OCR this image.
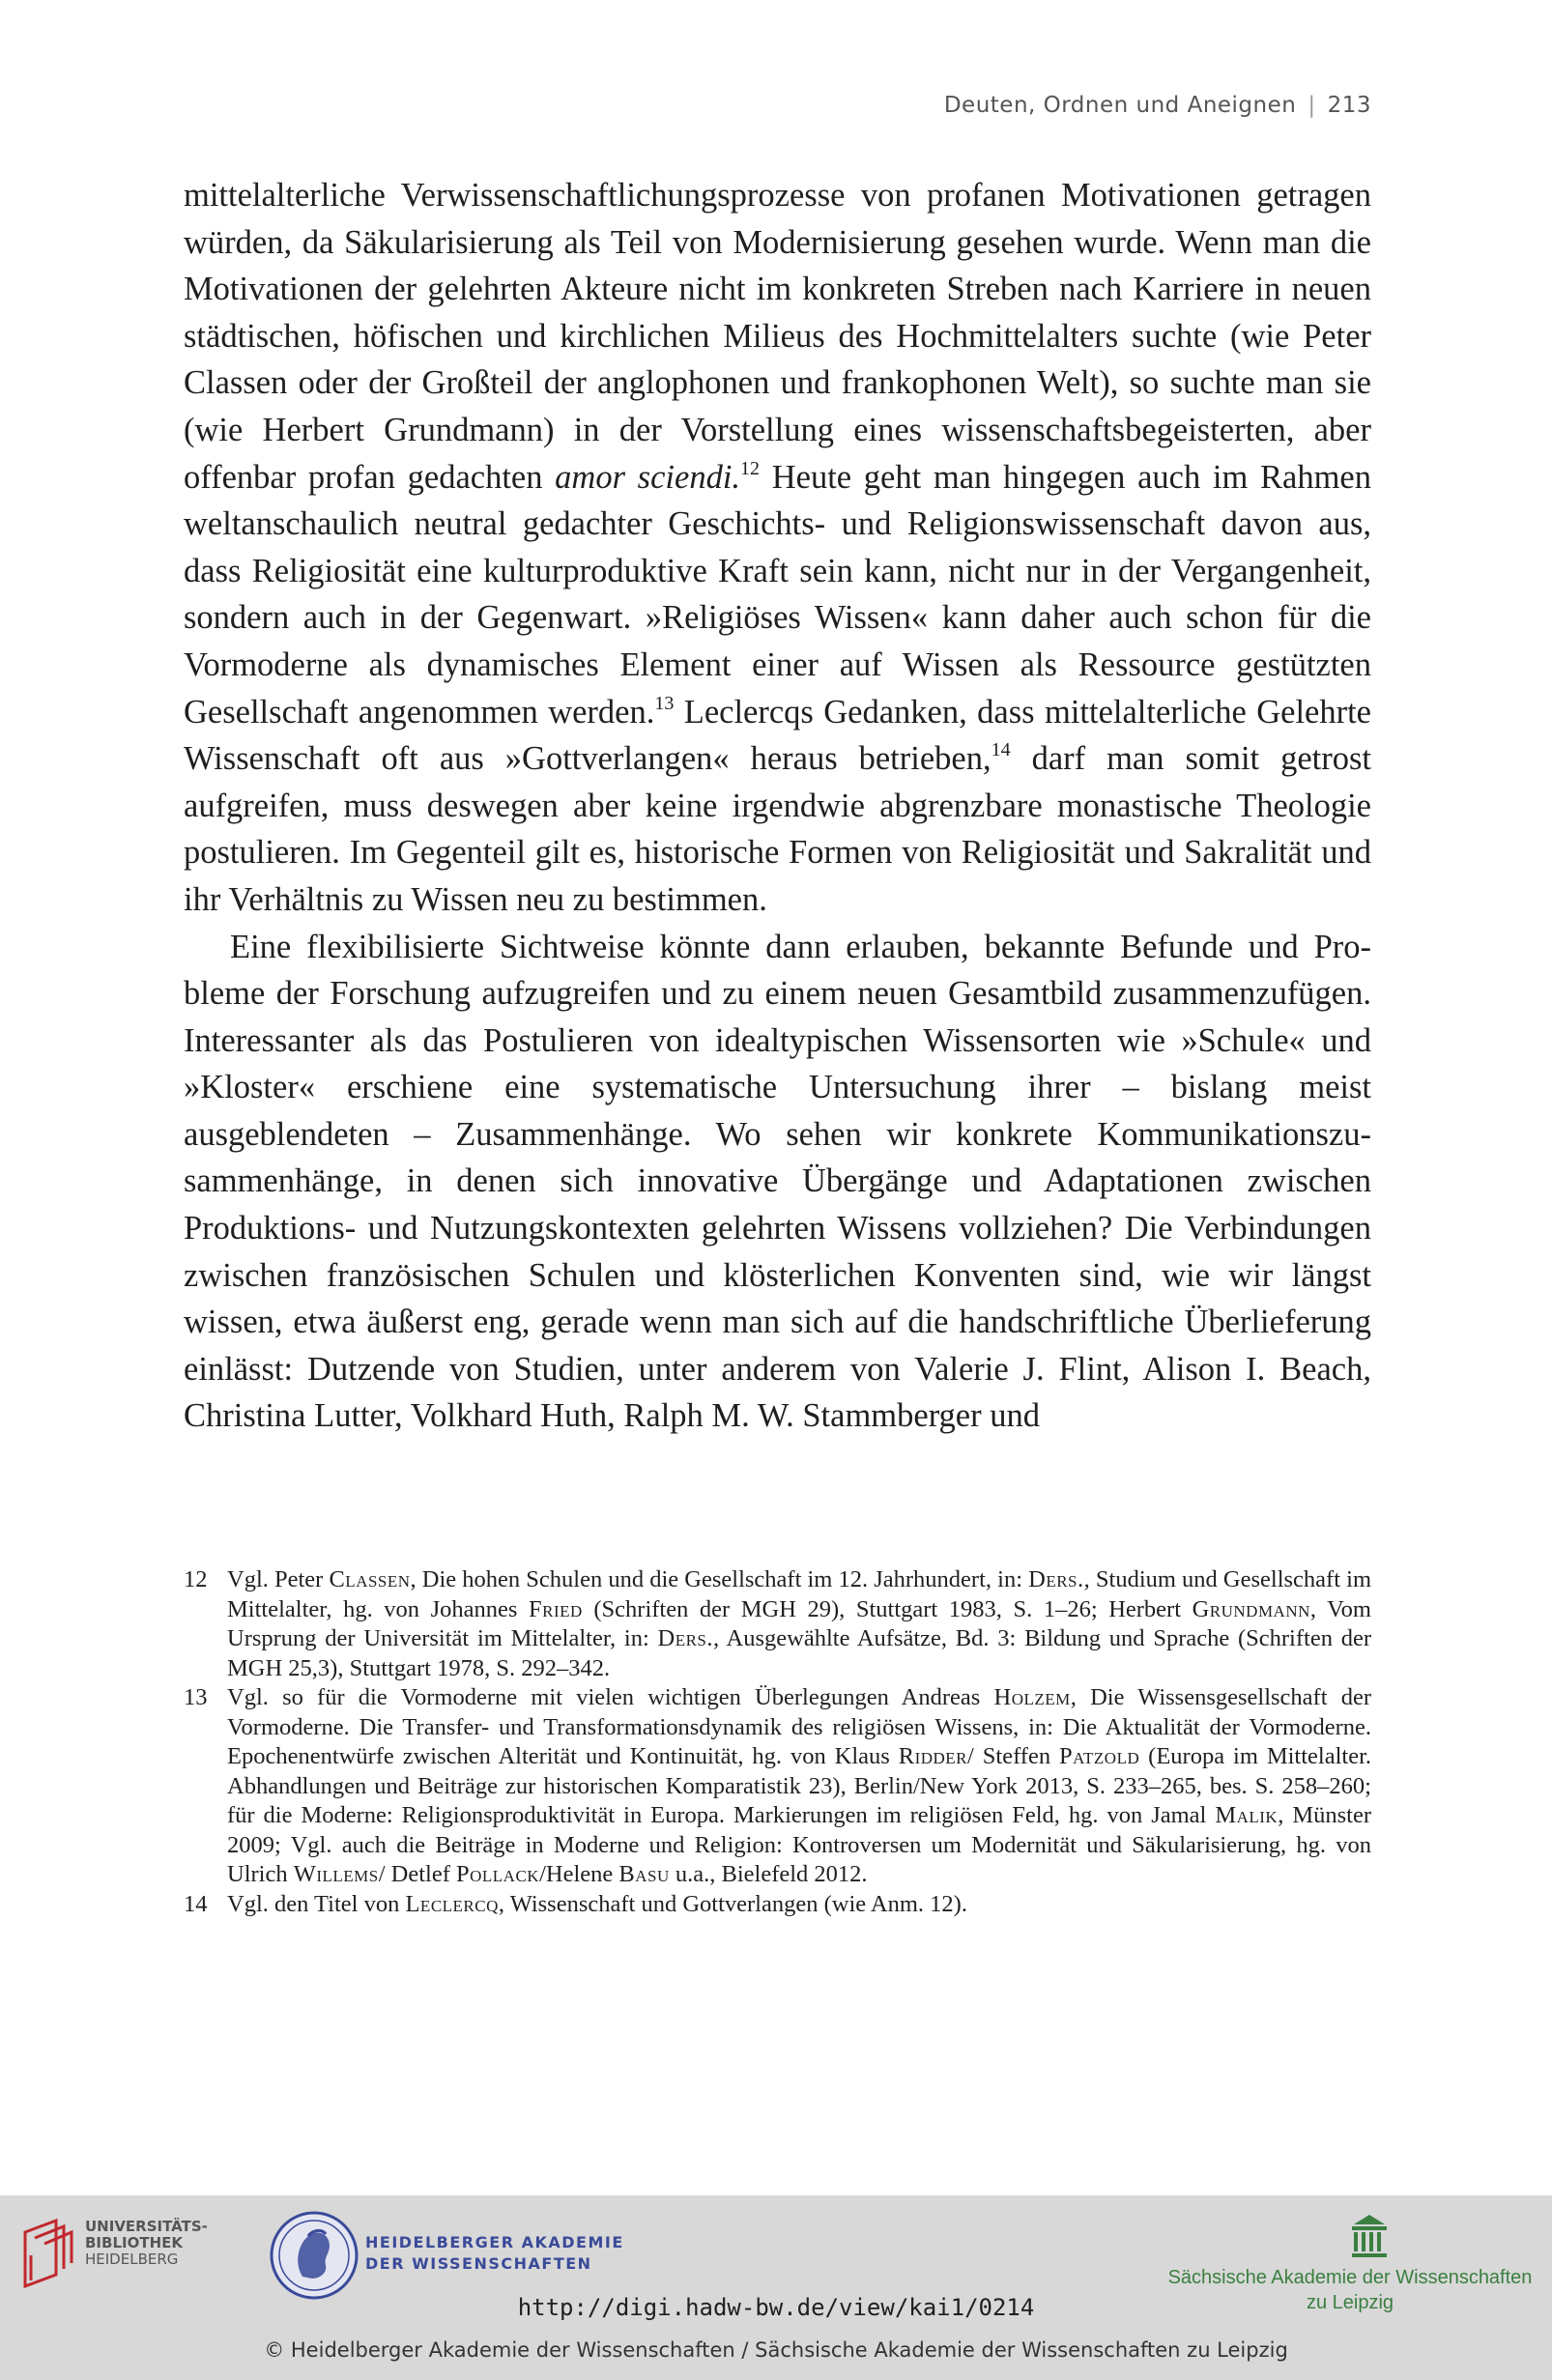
Deuten, Ordnen und Aneignen | 213

mittelalterliche Verwissenschaftlichungsprozesse von profanen Motivationen getragen würden, da Säkularisierung als Teil von Modernisierung gesehen wurde. Wenn man die Motivationen der gelehrten Akteure nicht im konkreten Streben nach Karriere in neuen städtischen, höfischen und kirchlichen Milieus des Hochmittelalters suchte (wie Peter Classen oder der Großteil der anglophonen und frankophonen Welt), so suchte man sie (wie Herbert Grundmann) in der Vorstellung eines wissenschaftsbegeisterten, aber offenbar profan gedachten amor sciendi.$^{12}$ Heute geht man hingegen auch im Rahmen weltanschaulich neutral gedachter Geschichts- und Religionswissenschaft davon aus, dass Religiosität eine kulturproduktive Kraft sein kann, nicht nur in der Vergangenheit, sondern auch in der Gegenwart. »Religiöses Wissen« kann daher auch schon für die Vormoderne als dynamisches Element einer auf Wissen als Ressource gestützten Gesellschaft angenommen werden.$^{13}$ Leclercqs Gedanken, dass mittelalterliche Gelehrte Wissenschaft oft aus »Gottverlangen« heraus betrieben,$^{14}$ darf man somit getrost aufgreifen, muss deswegen aber keine irgendwie abgrenzbare monastische Theologie postulieren. Im Gegenteil gilt es, historische Formen von Religiosität und Sakralität und ihr Verhältnis zu Wissen neu zu bestimmen.

Eine flexibilisierte Sichtweise könnte dann erlauben, bekannte Befunde und Probleme der Forschung aufzugreifen und zu einem neuen Gesamtbild zusammenzufügen. Interessanter als das Postulieren von idealtypischen Wissensorten wie »Schule« und »Kloster« erschiene eine systematische Untersuchung ihrer – bislang meist ausgeblendeten – Zusammenhänge. Wo sehen wir konkrete Kommunikationszusammenhänge, in denen sich innovative Übergänge und Adaptationen zwischen Produktions- und Nutzungskontexten gelehrten Wissens vollziehen? Die Verbindungen zwischen französischen Schulen und klösterlichen Konventen sind, wie wir längst wissen, etwa äußerst eng, gerade wenn man sich auf die handschriftliche Überlieferung einlässt: Dutzende von Studien, unter anderem von Valerie J. Flint, Alison I. Beach, Christina Lutter, Volkhard Huth, Ralph M. W. Stammberger und

12 Vgl. Peter Classen, Die hohen Schulen und die Gesellschaft im 12. Jahrhundert, in: Ders., Studium und Gesellschaft im Mittelalter, hg. von Johannes Fried (Schriften der MGH 29), Stuttgart 1983, S. 1–26; Herbert Grundmann, Vom Ursprung der Universität im Mittelalter, in: Ders., Ausgewählte Aufsätze, Bd. 3: Bildung und Sprache (Schriften der MGH 25,3), Stuttgart 1978, S. 292–342.
13 Vgl. so für die Vormoderne mit vielen wichtigen Überlegungen Andreas Holzem, Die Wissensgesellschaft der Vormoderne. Die Transfer- und Transformationsdynamik des religiösen Wissens, in: Die Aktualität der Vormoderne. Epochenentwürfe zwischen Alterität und Kontinuität, hg. von Klaus Ridder/ Steffen Patzold (Europa im Mittelalter. Abhandlungen und Beiträge zur historischen Komparatistik 23), Berlin/New York 2013, S. 233–265, bes. S. 258–260; für die Moderne: Religionsproduktivität in Europa. Markierungen im religiösen Feld, hg. von Jamal Malik, Münster 2009; Vgl. auch die Beiträge in Moderne und Religion: Kontroversen um Modernität und Säkularisierung, hg. von Ulrich Willems/ Detlef Pollack/Helene Basu u.a., Bielefeld 2012.
14 Vgl. den Titel von Leclercq, Wissenschaft und Gottverlangen (wie Anm. 12).
UNIVERSITÄTS-
BIBLIOTHEK
HEIDELBERG
HEIDELBERGER AKADEMIE
DER WISSENSCHAFTEN
Sächsische Akademie der Wissenschaften
zu Leipzig
http://digi.hadw-bw.de/view/kai1/0214
© Heidelberger Akademie der Wissenschaften / Sächsische Akademie der Wissenschaften zu Leipzig
